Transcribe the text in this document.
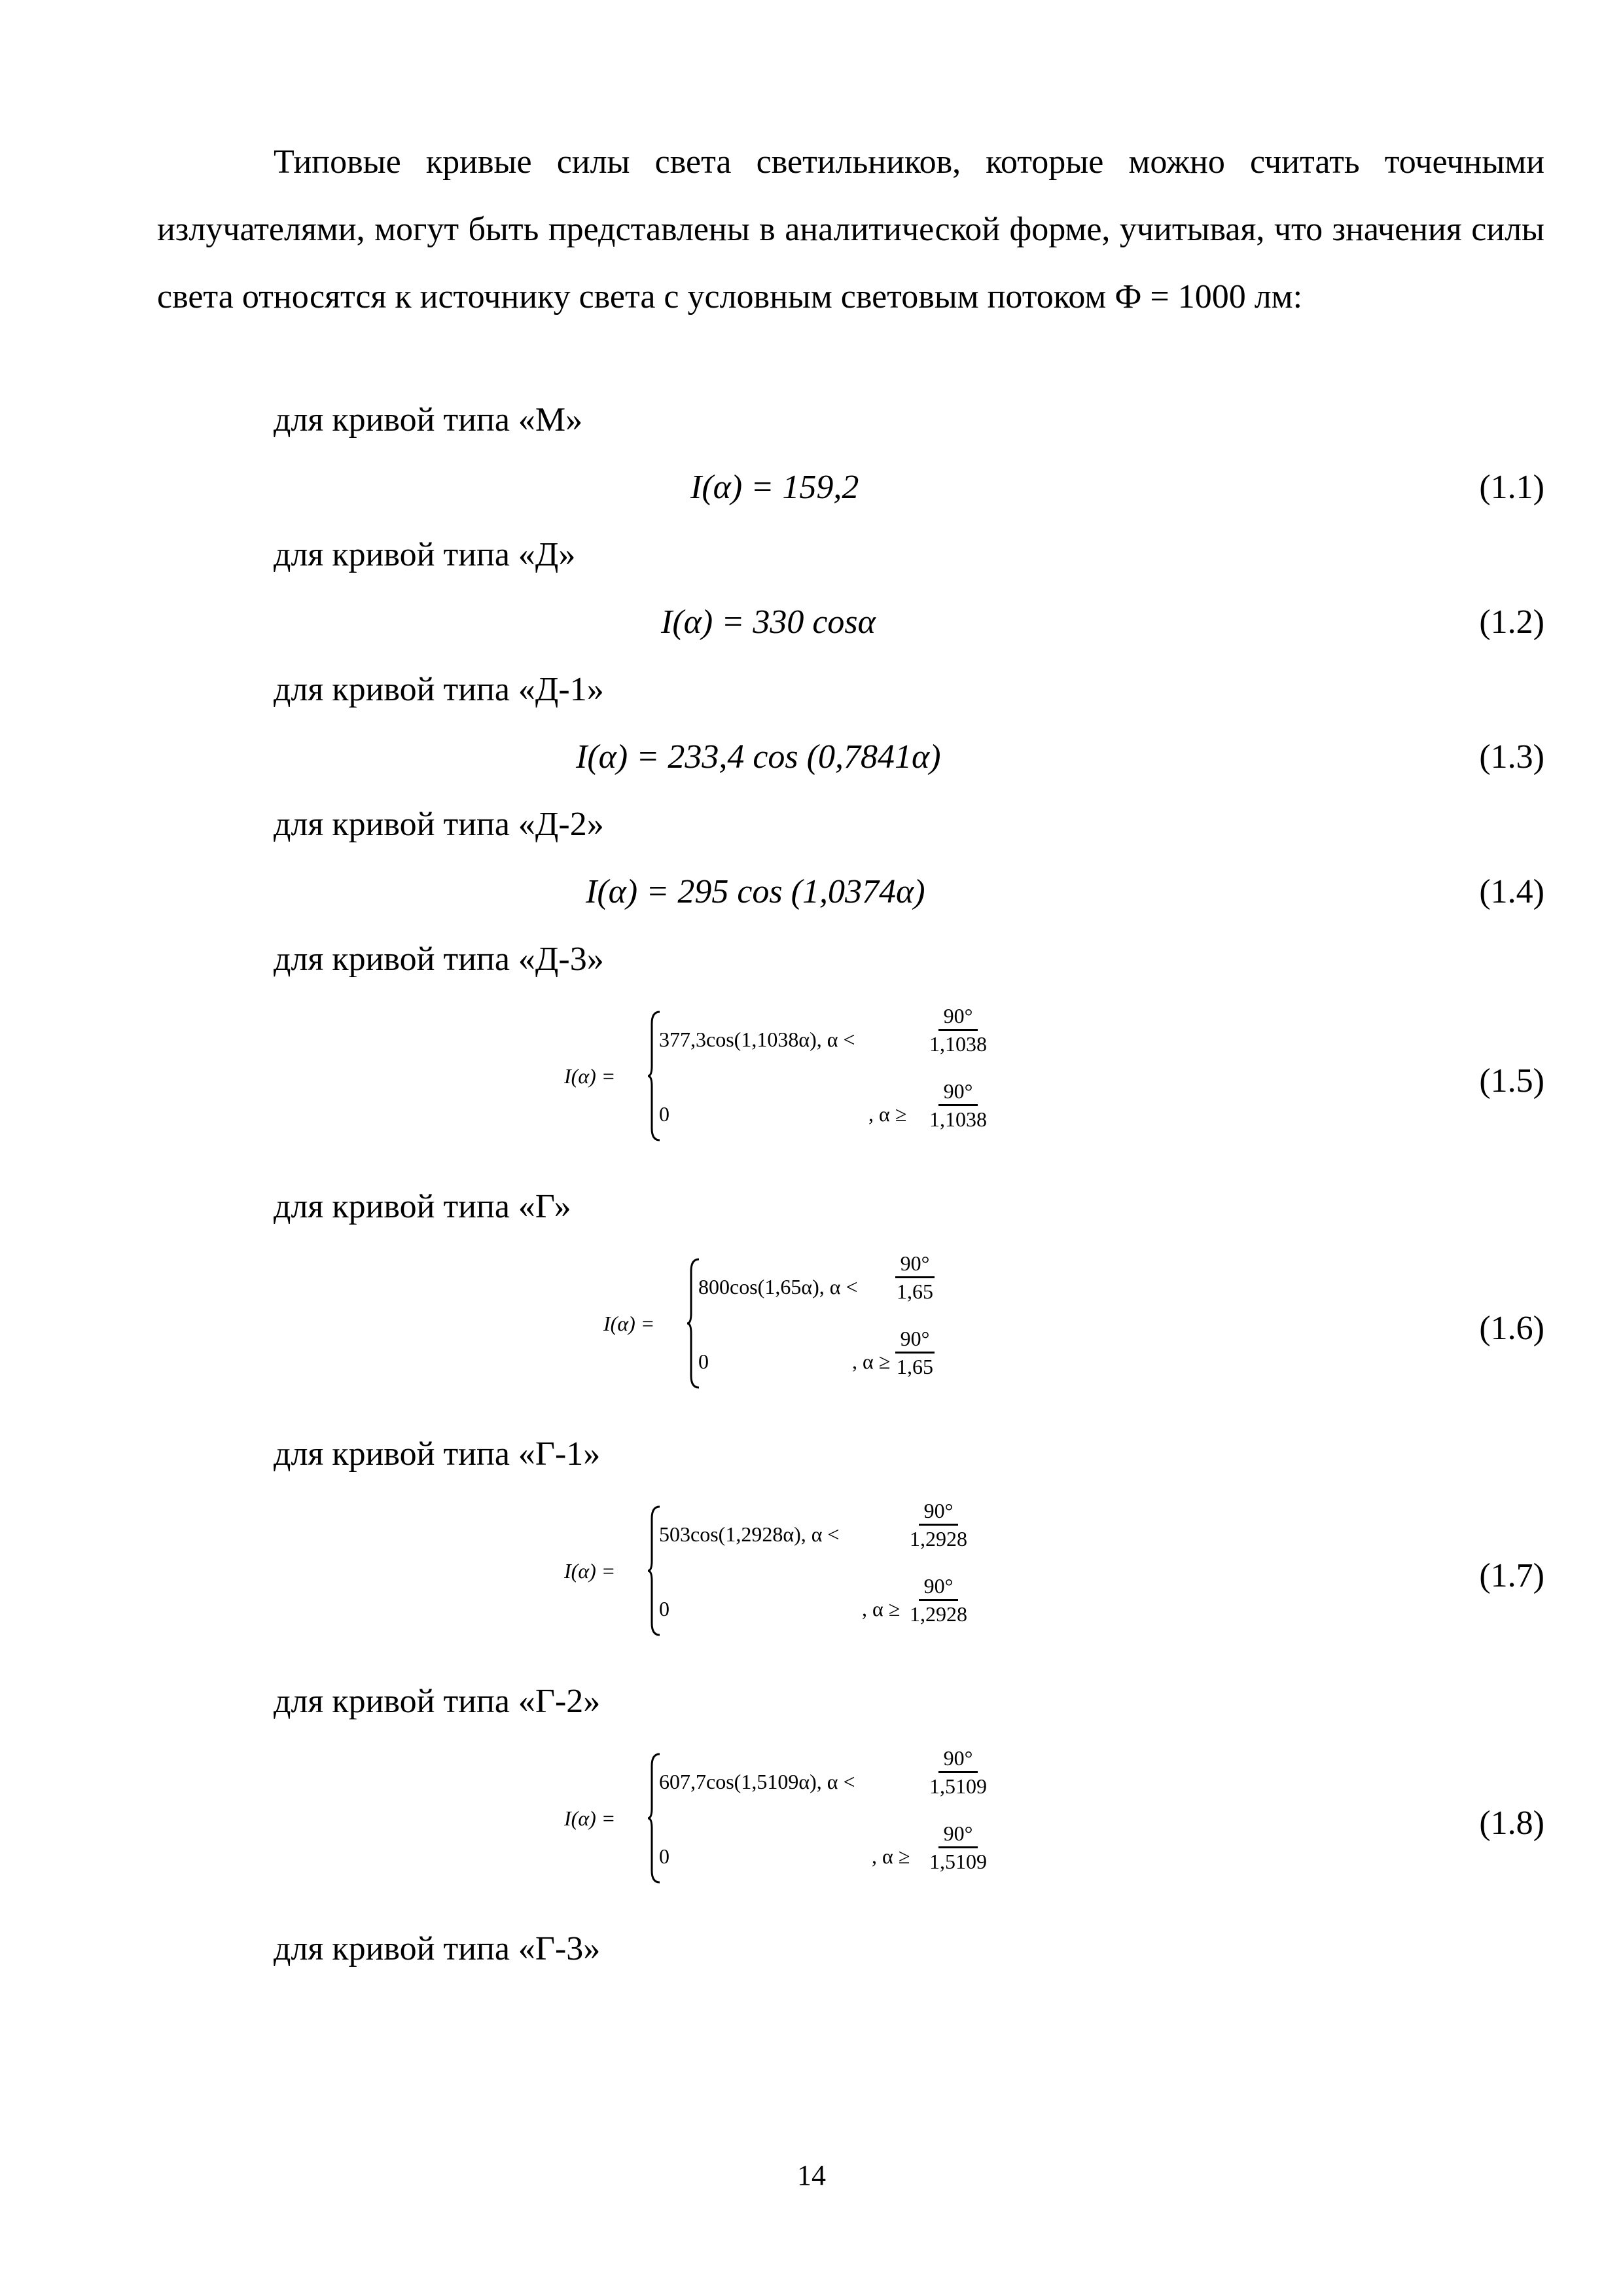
Типовые кривые силы света светильников, которые можно считать точечными излучателями, могут быть представлены в аналитической форме, учитывая, что значения силы света относятся к источнику света с условным световым потоком Ф = 1000 лм:

для кривой типа «М»
I(α) = 159,2	(1.1)
для кривой типа «Д»
I(α) = 330 cosα	(1.2)
для кривой типа «Д-1»
I(α) = 233,4 cos (0,7841α)	(1.3)
для кривой типа «Д-2»
I(α) = 295 cos (1,0374α)	(1.4)
для кривой типа «Д-3»
I(α) =
377,3cos(1,1038α), α <	$\frac{90^\circ}{1,1038}$
0	, $\alpha \ge \frac{90^\circ}{1,1038}$	(1.5)
для кривой типа «Г»
I(α) =
800cos(1,65α), $\alpha < \frac{90^\circ}{1,65}$
0	, $\alpha \ge \frac{90^\circ}{1,65}$	(1.6)
для кривой типа «Г-1»
I(α) =
503cos(1,2928α), α <	$\frac{90^\circ}{1,2928}$
0	, $\alpha \ge \frac{90^\circ}{1,2928}$	(1.7)
для кривой типа «Г-2»
I(α) =
607,7cos(1,5109α), α <	$\frac{90^\circ}{1,5109}$
0	, $\alpha \ge \frac{90^\circ}{1,5109}$	(1.8)
для кривой типа «Г-3»
14
